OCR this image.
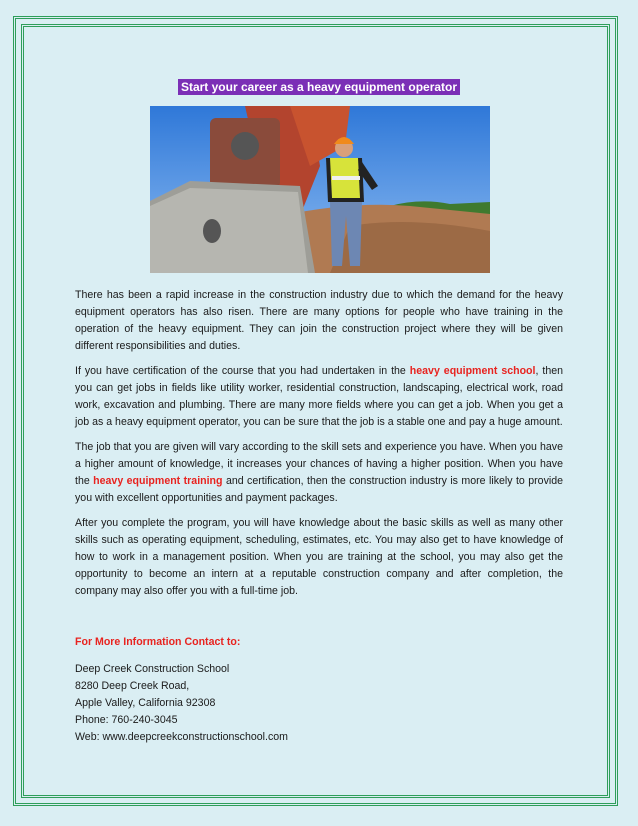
Start your career as a heavy equipment operator

There has been a rapid increase in the construction industry due to which the demand for the heavy equipment operators has also risen. There are many options for people who have training in the operation of the heavy equipment. They can join the construction project where they will be given different responsibilities and duties.

If you have certification of the course that you had undertaken in the heavy equipment school, then you can get jobs in fields like utility worker, residential construction, landscaping, electrical work, road work, excavation and plumbing. There are many more fields where you can get a job. When you get a job as a heavy equipment operator, you can be sure that the job is a stable one and pay a huge amount.

The job that you are given will vary according to the skill sets and experience you have. When you have a higher amount of knowledge, it increases your chances of having a higher position. When you have the heavy equipment training and certification, then the construction industry is more likely to provide you with excellent opportunities and payment packages.

After you complete the program, you will have knowledge about the basic skills as well as many other skills such as operating equipment, scheduling, estimates, etc. You may also get to have knowledge of how to work in a management position. When you are training at the school, you may also get the opportunity to become an intern at a reputable construction company and after completion, the company may also offer you with a full-time job.

For More Information Contact to:
Deep Creek Construction School
8280 Deep Creek Road,
Apple Valley, California 92308
Phone: 760-240-3045
Web: www.deepcreekconstructionschool.com
